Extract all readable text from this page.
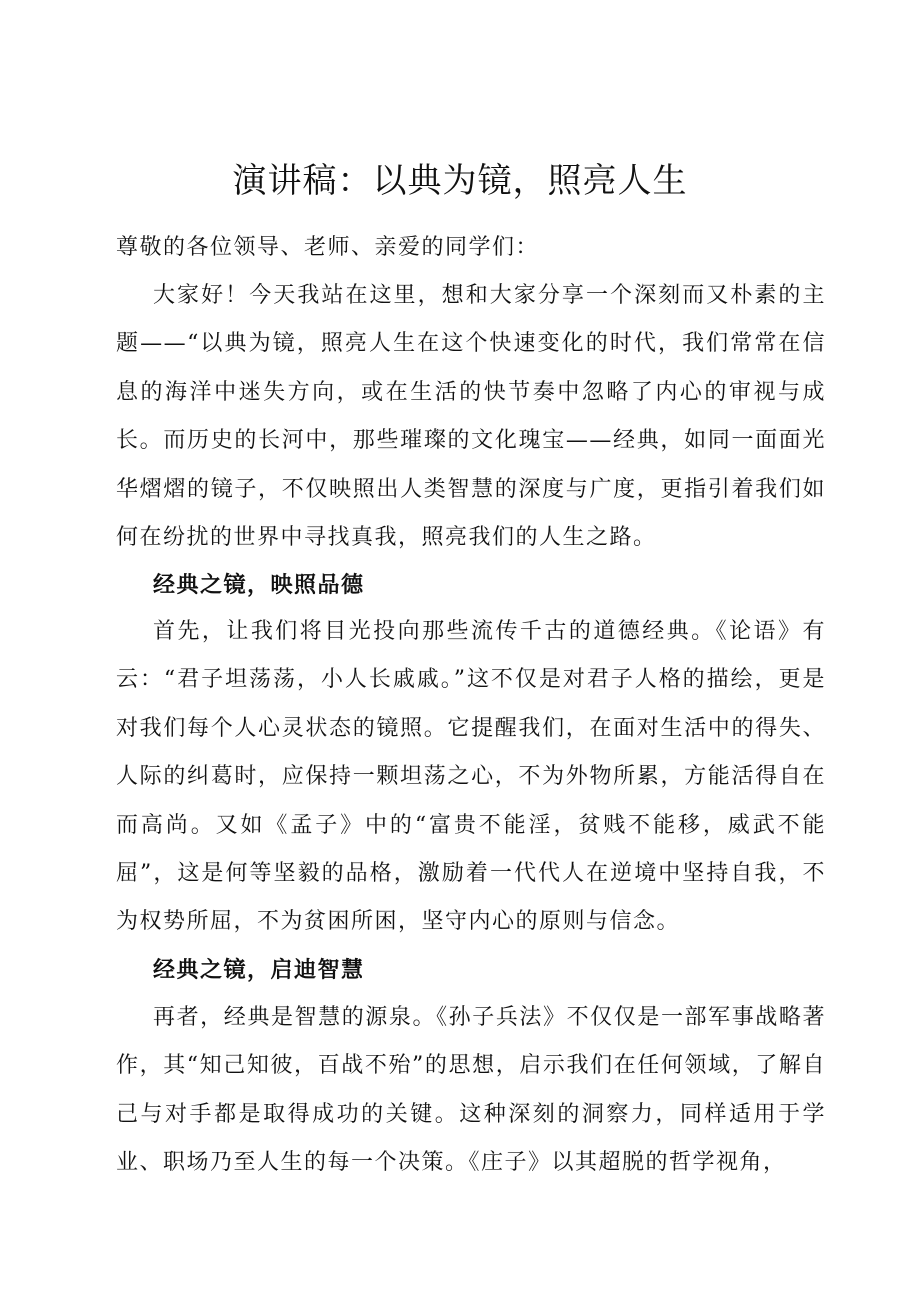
演讲稿：以典为镜，照亮人生
尊敬的各位领导、老师、亲爱的同学们：
大家好！今天我站在这里，想和大家分享一个深刻而又朴素的主题——“以典为镜，照亮人生在这个快速变化的时代，我们常常在信息的海洋中迷失方向，或在生活的快节奏中忽略了内心的审视与成长。而历史的长河中，那些璀璨的文化瑰宝——经典，如同一面面光华熠熠的镜子，不仅映照出人类智慧的深度与广度，更指引着我们如何在纷扰的世界中寻找真我，照亮我们的人生之路。
经典之镜，映照品德
首先，让我们将目光投向那些流传千古的道德经典。《论语》有云：“君子坦荡荡，小人长戚戚。”这不仅是对君子人格的描绘，更是对我们每个人心灵状态的镜照。它提醒我们，在面对生活中的得失、人际的纠葛时，应保持一颗坦荡之心，不为外物所累，方能活得自在而高尚。又如《孟子》中的“富贵不能淫，贫贱不能移，威武不能屈”，这是何等坚毅的品格，激励着一代代人在逆境中坚持自我，不为权势所屈，不为贫困所困，坚守内心的原则与信念。
经典之镜，启迪智慧
再者，经典是智慧的源泉。《孙子兵法》不仅仅是一部军事战略著作，其“知己知彼，百战不殆”的思想，启示我们在任何领域，了解自己与对手都是取得成功的关键。这种深刻的洞察力，同样适用于学业、职场乃至人生的每一个决策。《庄子》以其超脱的哲学视角，
